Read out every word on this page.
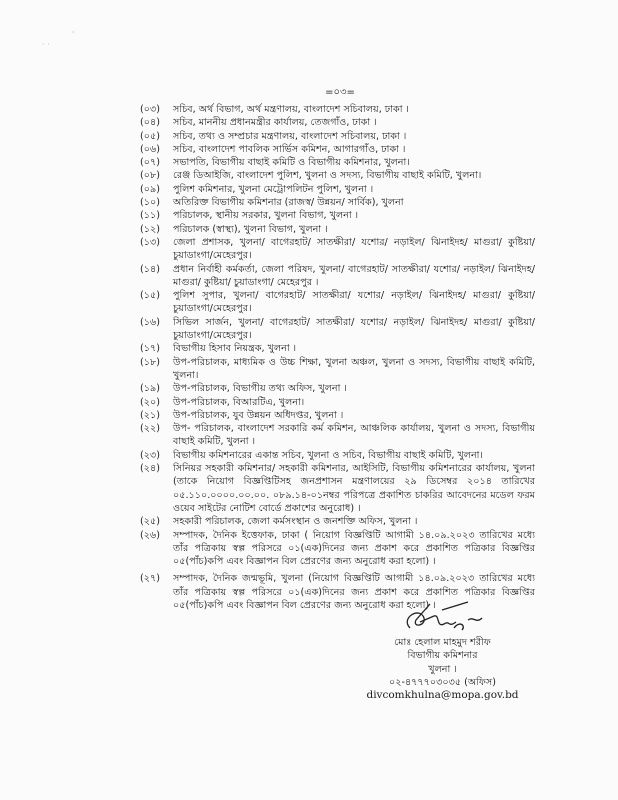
· ·
'
=০৩=
(০৩)	সচিব, অর্থ বিভাগ, অর্থ মন্ত্রণালয়, বাংলাদেশ সচিবালয়, ঢাকা ।
(০৪)	সচিব, মাননীয় প্রধানমন্ত্রীর কার্যালয়, তেজগাঁও, ঢাকা ।
(০৫)	সচিব, তথ্য ও সম্প্রচার মন্ত্রণালয়, বাংলাদেশ সচিবালয়, ঢাকা ।
(০৬)	সচিব, বাংলাদেশ পাবলিক সার্ভিস কমিশন, আগারগাঁও, ঢাকা ।
(০৭)	সভাপতি, বিভাগীয় বাছাই কমিটি ও বিভাগীয় কমিশনার, খুলনা।
(০৮)	রেঞ্জ ডিআইজি, বাংলাদেশ পুলিশ, খুলনা ও সদস্য, বিভাগীয় বাছাই কমিটি, খুলনা।
(০৯)	পুলিশ কমিশনার, খুলনা মেট্রোপলিটন পুলিশ, খুলনা ।
(১০)	অতিরিক্ত বিভাগীয় কমিশনার (রাজস্ব/ উন্নয়ন/ সার্বিক), খুলনা
(১১)	পরিচালক, স্থানীয় সরকার, খুলনা বিভাগ, খুলনা ।
(১২)	পরিচালক (স্বাস্থ্য), খুলনা বিভাগ, খুলনা ।
(১৩)	জেলা প্রশাসক, খুলনা/ বাগেরহাট/ সাতক্ষীরা/ যশোর/ নড়াইল/ ঝিনাইদহ/ মাগুরা/ কুষ্টিয়া/ চুয়াডাংগা/মেহেরপুর।
(১৪)	প্রধান নির্বাহী কর্মকর্তা, জেলা পরিষদ, খুলনা/ বাগেরহাট/ সাতক্ষীরা/ যশোর/ নড়াইল/ ঝিনাইদহ/ মাগুরা/ কুষ্টিয়া/ চুয়াডাংগা/ মেহেরপুর ।
(১৫)	পুলিশ সুপার, খুলনা/ বাগেরহাট/ সাতক্ষীরা/ যশোর/ নড়াইল/ ঝিনাইদহ/ মাগুরা/ কুষ্টিয়া/ চুয়াডাংগা/মেহেরপুর।
(১৬)	সিভিল সার্জন, খুলনা/ বাগেরহাট/ সাতক্ষীরা/ যশোর/ নড়াইল/ ঝিনাইদহ/ মাগুরা/ কুষ্টিয়া/ চুয়াডাংগা/মেহেরপুর।
(১৭)	বিভাগীয় হিসাব নিয়ন্ত্রক, খুলনা ।
(১৮)	উপ-পরিচালক, মাধ্যমিক ও উচ্চ শিক্ষা, খুলনা অঞ্চল, খুলনা ও সদস্য, বিভাগীয় বাছাই কমিটি, খুলনা।
(১৯)	উপ-পরিচালক, বিভাগীয় তথ্য অফিস, খুলনা ।
(২০)	উপ-পরিচালক, বিআরটিএ, খুলনা।
(২১)	উপ-পরিচালক, যুব উন্নয়ন অধিদপ্তর, খুলনা ।
(২২)	উপ- পরিচালক, বাংলাদেশ সরকারি কর্ম কমিশন, আঞ্চলিক কার্যালয়, খুলনা ও সদস্য, বিভাগীয় বাছাই কমিটি, খুলনা ।
(২৩)	বিভাগীয় কমিশনারের একান্ত সচিব, খুলনা ও সচিব, বিভাগীয় বাছাই কমিটি, খুলনা।
(২৪)	সিনিয়র সহকারী কমিশনার/ সহকারী কমিশনার, আইসিটি, বিভাগীয় কমিশনারের কার্যালয়, খুলনা (তাকে নিয়োগ বিজ্ঞপ্তিটিসহ জনপ্রশাসন মন্ত্রণালয়ের ২৯ ডিসেম্বর ২০১৪ তারিখের ০৫.১১০.০০০০.০০.০০. ০৮৯.১৪-০১নম্বর পরিপত্রে প্রকাশিত চাকরির আবেদনের মডেল ফরম ওয়েব সাইটের নোটিশ বোর্ডে প্রকাশের অনুরোধ) ।
(২৫)	সহকারী পরিচালক, জেলা কর্মসংস্থান ও জনশক্তি অফিস, খুলনা ।
(২৬)	সম্পাদক, দৈনিক ইত্তেফাক, ঢাকা ( নিয়োগ বিজ্ঞপ্তিটি আগামী ১৪.০৯.২০২৩ তারিখের মধ্যে তাঁর পত্রিকায় স্বল্প পরিসরে ০১(এক)দিনের জন্য প্রকাশ করে প্রকাশিত পত্রিকার বিজ্ঞপ্তির ০৫(পাঁচ)কপি এবং বিজ্ঞাপন বিল প্রেরণের জন্য অনুরোধ করা হলো) ।
(২৭)	সম্পাদক, দৈনিক জন্মভূমি, খুলনা (নিয়োগ বিজ্ঞপ্তিটি আগামী ১৪.০৯.২০২৩ তারিখের মধ্যে তাঁর পত্রিকায় স্বল্প পরিসরে ০১(এক)দিনের জন্য প্রকাশ করে প্রকাশিত পত্রিকার বিজ্ঞপ্তির ০৫(পাঁচ)কপি এবং বিজ্ঞাপন বিল প্রেরণের জন্য অনুরোধ করা হলো) ।
মোঃ হেলাল মাহমুদ শরীফ
বিভাগীয় কমিশনার
খুলনা ।
০২-৪৭৭৭০৩০৩৫ (অফিস)
divcomkhulna@mopa.gov.bd
